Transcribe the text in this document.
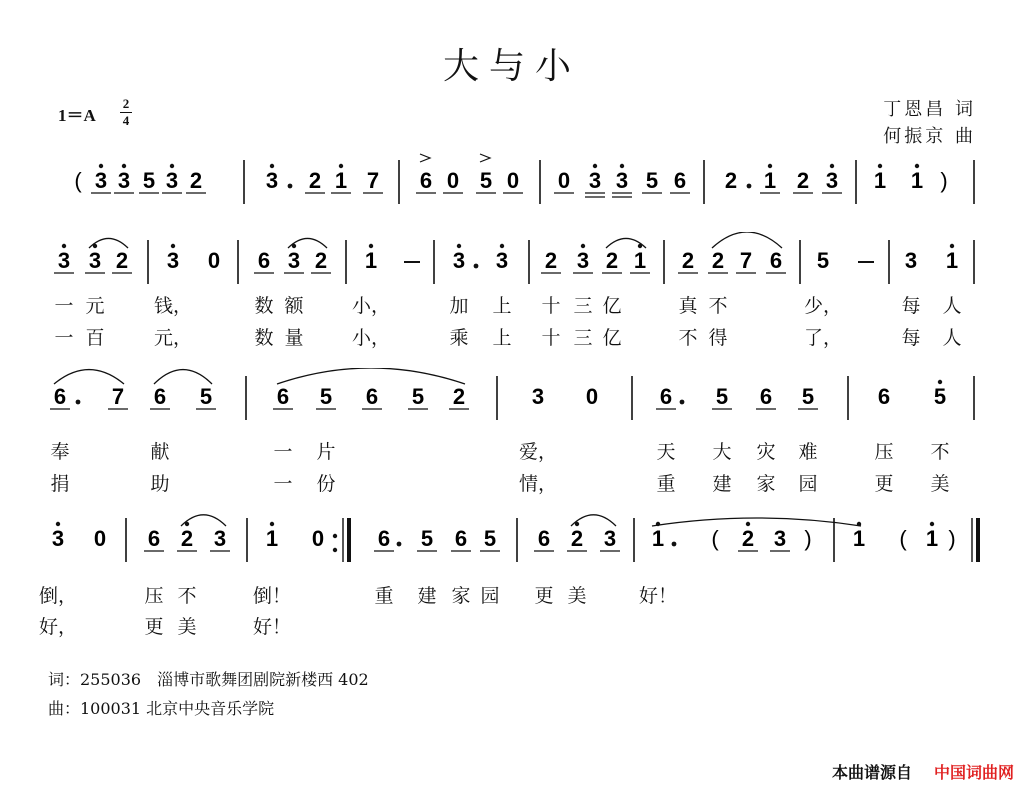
大与小
1＝A
2
4
丁恩昌 词
何振京 曲
( 3 3 5 3 2	3 2 1 7 6 0 5 0 0 3 3 5 6 2 1 2 3 1 1 )
3 3 2 3 0 6 3 2 1	3 3 2 3 2 1 2 2 7 6 5	3 1
一 元	钱，	数 额	小，	加 上 十 三 亿	真 不	少，	每 人
一 百	元，	数 量	小，	乘 上 十 三 亿	不 得	了，	每 人
6 7 6 5	6 5 6 5 2	3 0	6 5 6 5	6 5
奉	献	一 片	爱，	天 大 灾 难	压 不
捐	助	一 份	情，	重 建 家 园	更 美
3 0 6 2 3 1 0 6 5 6 5 6 2 3 1 ( 2 3 ) 1 ( 1 )
倒，	压 不	倒！	重 建 家 园 更 美	好！
好，	更 美	好！
词：255036　淄博市歌舞团剧院新楼西 402
曲：100031 北京中央音乐学院
本曲谱源自 中国词曲网
